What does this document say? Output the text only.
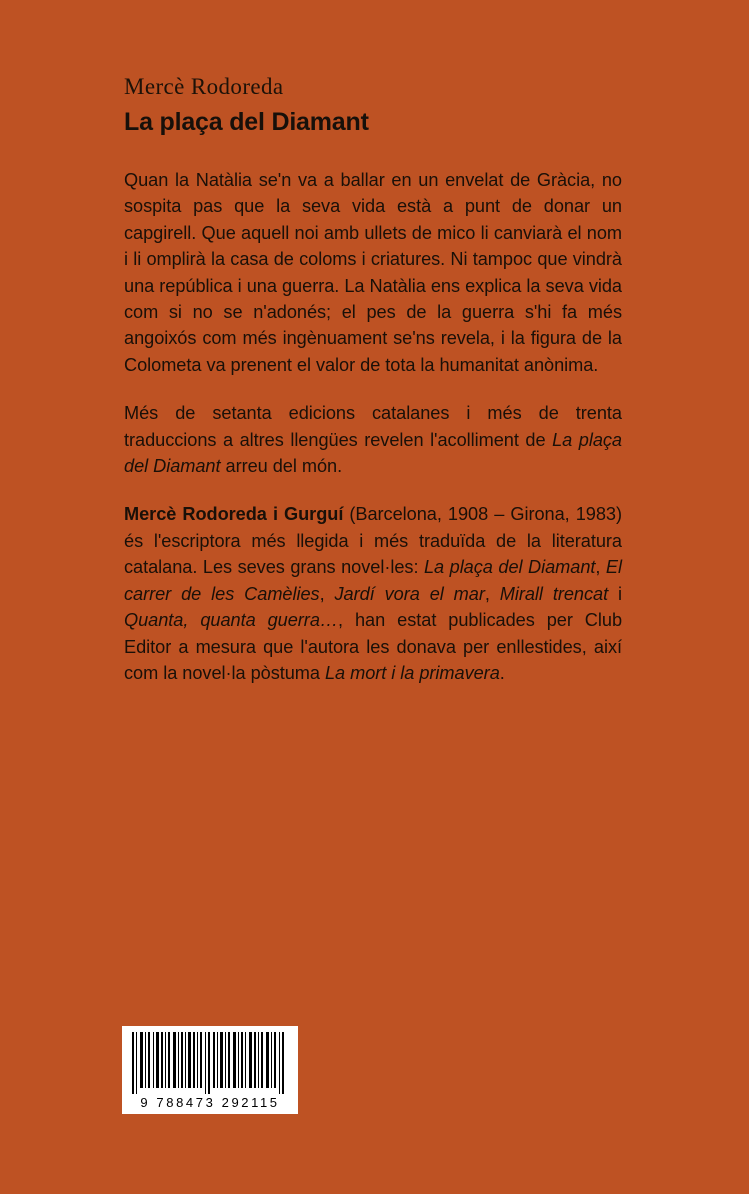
Mercè Rodoreda
La plaça del Diamant

Quan la Natàlia se'n va a ballar en un envelat de Gràcia, no sospita pas que la seva vida està a punt de donar un capgirell. Que aquell noi amb ullets de mico li canviarà el nom i li omplirà la casa de coloms i criatures. Ni tampoc que vindrà una república i una guerra. La Natàlia ens explica la seva vida com si no se n'adonés; el pes de la guerra s'hi fa més angoixós com més ingènuament se'ns revela, i la figura de la Colometa va prenent el valor de tota la humanitat anònima.

Més de setanta edicions catalanes i més de trenta traduccions a altres llengües revelen l'acolliment de La plaça del Diamant arreu del món.

Mercè Rodoreda i Gurguí (Barcelona, 1908 – Girona, 1983) és l'escriptora més llegida i més traduïda de la literatura catalana. Les seves grans novel·les: La plaça del Diamant, El carrer de les Camèlies, Jardí vora el mar, Mirall trencat i Quanta, quanta guerra…, han estat publicades per Club Editor a mesura que l'autora les donava per enllestides, així com la novel·la pòstuma La mort i la primavera.

9 788473 292115
